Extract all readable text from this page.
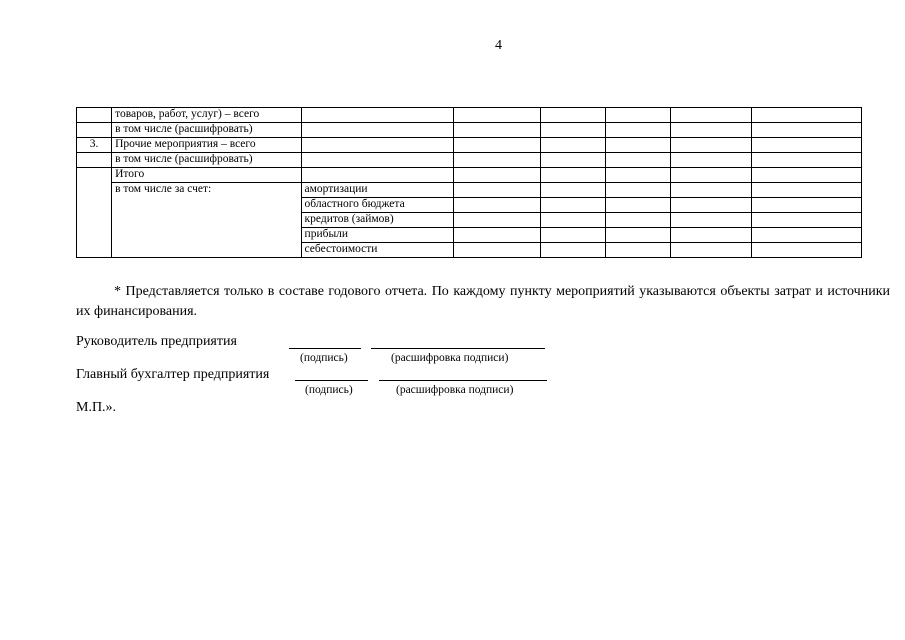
4
	товаров, работ, услуг) – всего						
	в том числе (расшифровать)						
3.	Прочие мероприятия – всего						
	в том числе (расшифровать)						
	Итого						
	в том числе за счет:	амортизации					
		областного бюджета					
		кредитов (займов)					
		прибыли					
		себестоимости					
* Представляется только в составе годового отчета. По каждому пункту мероприятий указываются объекты затрат и источники их финансирования.
Руководитель предприятия
(подпись)	(расшифровка подписи)
Главный бухгалтер предприятия
(подпись)	(расшифровка подписи)
М.П.».
